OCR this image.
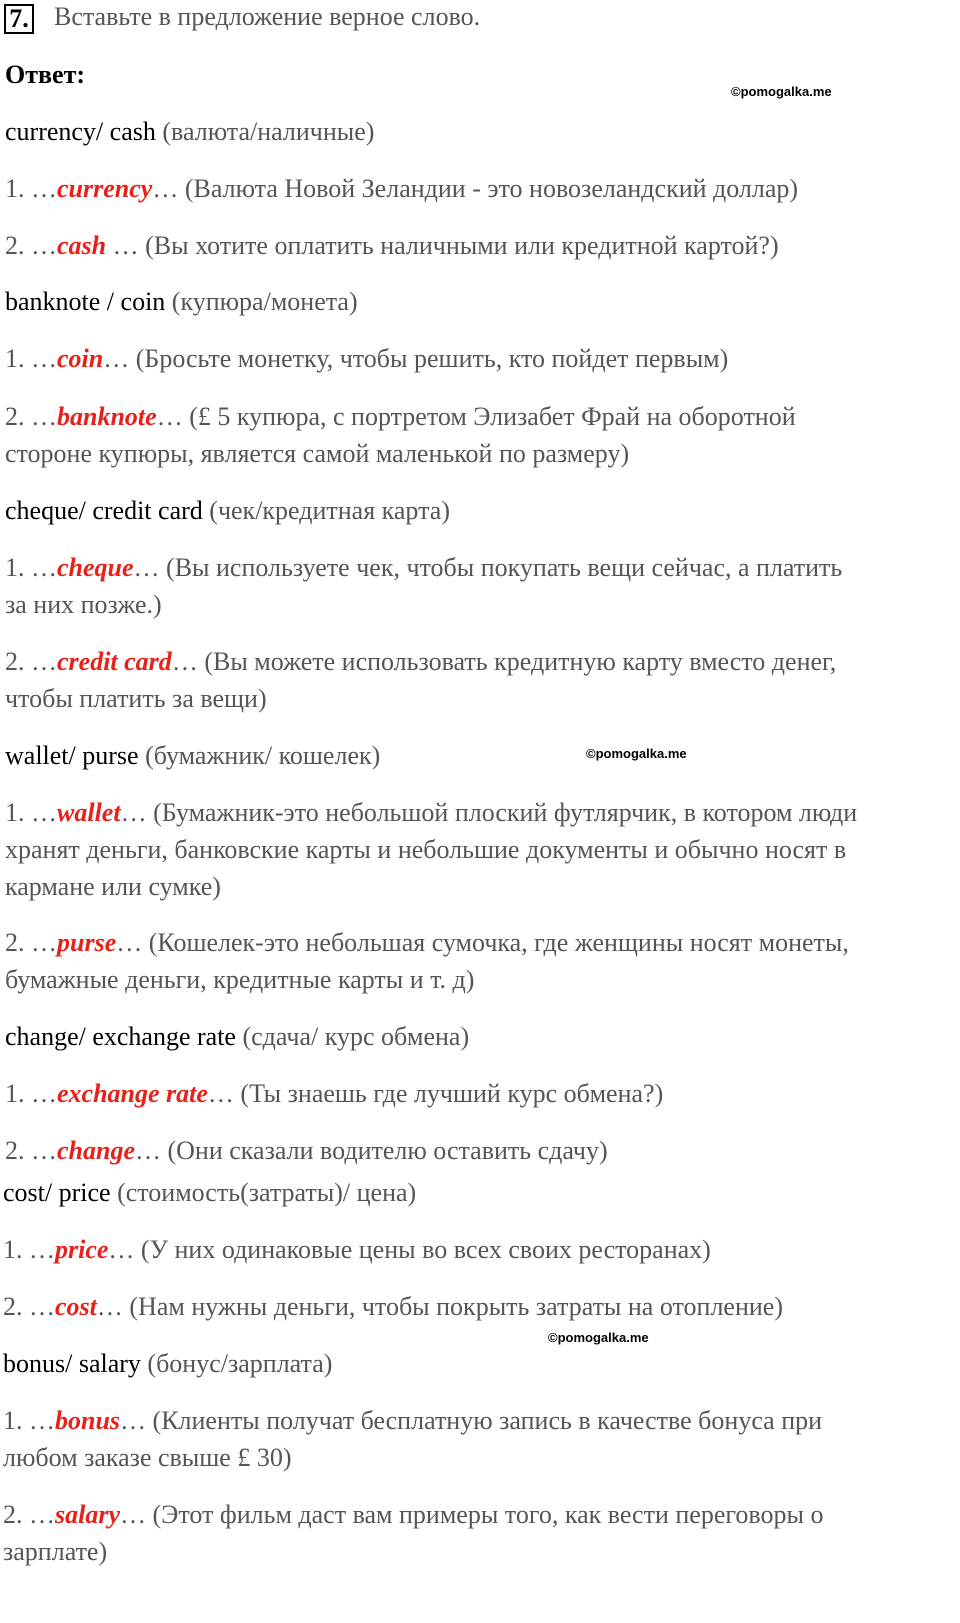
7. Вставьте в предложение верное слово.
Ответ:
©pomogalka.me
©pomogalka.me
©pomogalka.me
currency/ cash (валюта/наличные)
1. …currency… (Валюта Новой Зеландии - это новозеландский доллар)
2. …cash … (Вы хотите оплатить наличными или кредитной картой?)
banknote / coin (купюра/монета)
1. …coin… (Бросьте монетку, чтобы решить, кто пойдет первым)
2. …banknote… (£ 5 купюра, с портретом Элизабет Фрай на оборотной
стороне купюры, является самой маленькой по размеру)
cheque/ credit card (чек/кредитная карта)
1. …cheque… (Вы используете чек, чтобы покупать вещи сейчас, а платить
за них позже.)
2. …credit card… (Вы можете использовать кредитную карту вместо денег,
чтобы платить за вещи)
wallet/ purse (бумажник/ кошелек)
1. …wallet… (Бумажник-это небольшой плоский футлярчик, в котором люди
хранят деньги, банковские карты и небольшие документы и обычно носят в
кармане или сумке)
2. …purse… (Кошелек-это небольшая сумочка, где женщины носят монеты,
бумажные деньги, кредитные карты и т. д)
change/ exchange rate (сдача/ курс обмена)
1. …exchange rate… (Ты знаешь где лучший курс обмена?)
2. …change… (Они сказали водителю оставить сдачу)
cost/ price (стоимость(затраты)/ цена)
1. …price… (У них одинаковые цены во всех своих ресторанах)
2. …cost… (Нам нужны деньги, чтобы покрыть затраты на отопление)
bonus/ salary (бонус/зарплата)
1. …bonus… (Клиенты получат бесплатную запись в качестве бонуса при
любом заказе свыше £ 30)
2. …salary… (Этот фильм даст вам примеры того, как вести переговоры о
зарплате)
